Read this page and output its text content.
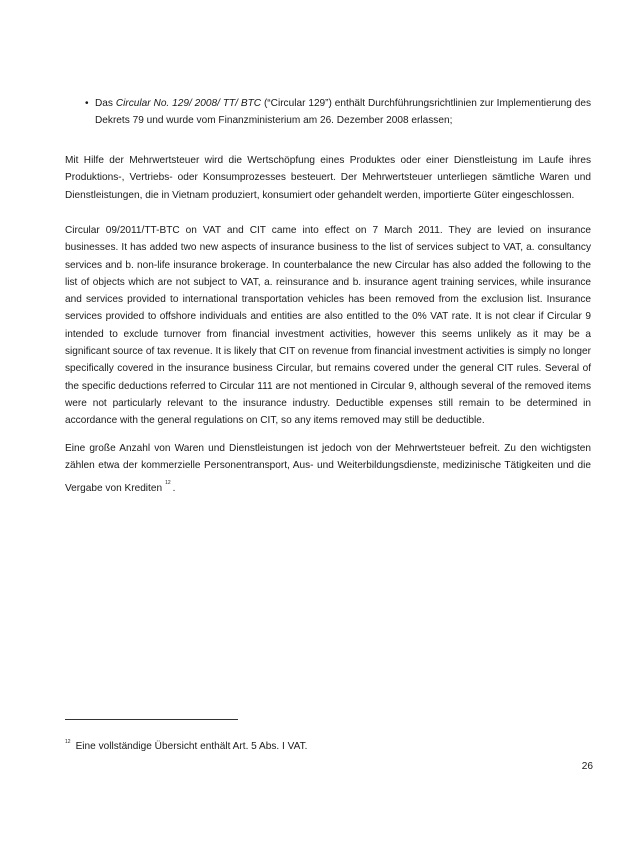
• Das Circular No. 129/ 2008/ TT/ BTC (“Circular 129”) enthält Durchführungsrichtlinien zur Implementierung des Dekrets 79 und wurde vom Finanzministerium am 26. Dezember 2008 erlassen;

Mit Hilfe der Mehrwertsteuer wird die Wertschöpfung eines Produktes oder einer Dienstleistung im Laufe ihres Produktions-, Vertriebs- oder Konsumprozesses besteuert. Der Mehrwertsteuer unterliegen sämtliche Waren und Dienstleistungen, die in Vietnam produziert, konsumiert oder gehandelt werden, importierte Güter eingeschlossen.

Circular 09/2011/TT-BTC on VAT and CIT came into effect on 7 March 2011. They are levied on insurance businesses. It has added two new aspects of insurance business to the list of services subject to VAT, a. consultancy services and b. non-life insurance brokerage. In counterbalance the new Circular has also added the following to the list of objects which are not subject to VAT, a. reinsurance and b. insurance agent training services, while insurance and services provided to international transportation vehicles has been removed from the exclusion list. Insurance services provided to offshore individuals and entities are also entitled to the 0% VAT rate. It is not clear if Circular 9 intended to exclude turnover from financial investment activities, however this seems unlikely as it may be a significant source of tax revenue. It is likely that CIT on revenue from financial investment activities is simply no longer specifically covered in the insurance business Circular, but remains covered under the general CIT rules. Several of the specific deductions referred to Circular 111 are not mentioned in Circular 9, although several of the removed items were not particularly relevant to the insurance industry. Deductible expenses still remain to be determined in accordance with the general regulations on CIT, so any items removed may still be deductible.

Eine große Anzahl von Waren und Dienstleistungen ist jedoch von der Mehrwertsteuer befreit. Zu den wichtigsten zählen etwa der kommerzielle Personentransport, Aus- und Weiterbildungsdienste, medizinische Tätigkeiten und die Vergabe von Krediten $^{12}$ .

$^{12}$ Eine vollständige Übersicht enthält Art. 5 Abs. I VAT.

26
